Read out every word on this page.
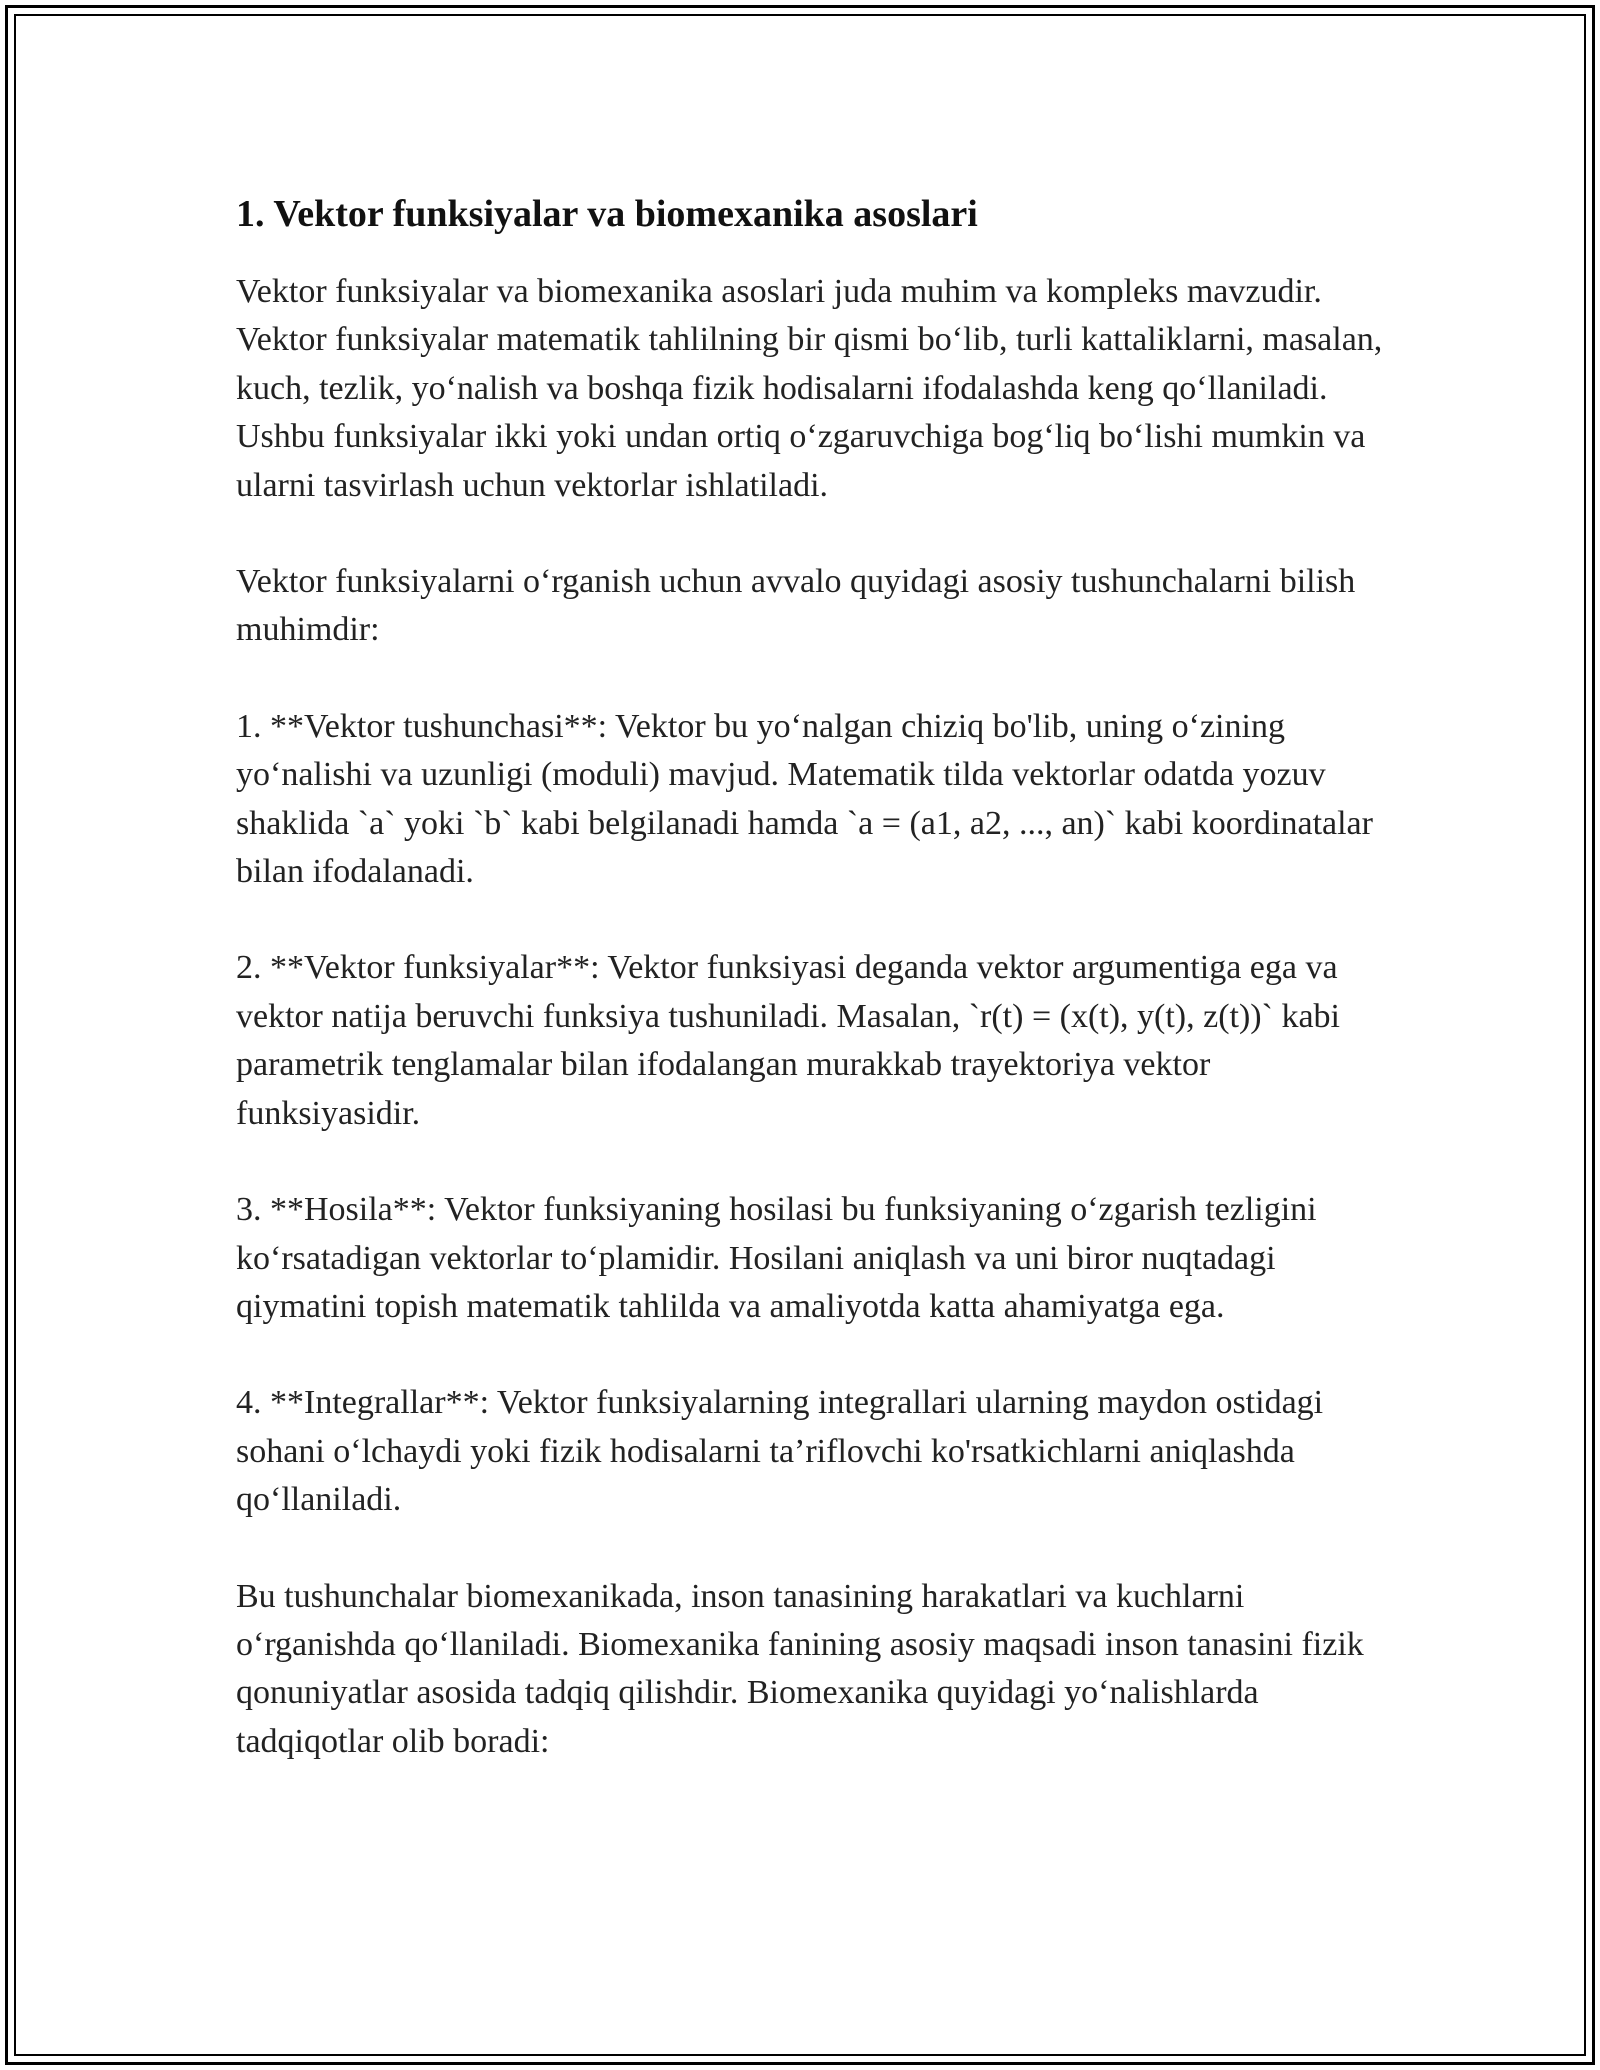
1. Vektor funksiyalar va biomexanika asoslari

Vektor funksiyalar va biomexanika asoslari juda muhim va kompleks mavzudir. Vektor funksiyalar matematik tahlilning bir qismi bo‘lib, turli kattaliklarni, masalan, kuch, tezlik, yo‘nalish va boshqa fizik hodisalarni ifodalashda keng qo‘llaniladi. Ushbu funksiyalar ikki yoki undan ortiq o‘zgaruvchiga bog‘liq bo‘lishi mumkin va ularni tasvirlash uchun vektorlar ishlatiladi.

Vektor funksiyalarni o‘rganish uchun avvalo quyidagi asosiy tushunchalarni bilish muhimdir:

1. **Vektor tushunchasi**: Vektor bu yo‘nalgan chiziq bo'lib, uning o‘zining yo‘nalishi va uzunligi (moduli) mavjud. Matematik tilda vektorlar odatda yozuv shaklida `a` yoki `b` kabi belgilanadi hamda `a = (a1, a2, ..., an)` kabi koordinatalar bilan ifodalanadi.

2. **Vektor funksiyalar**: Vektor funksiyasi deganda vektor argumentiga ega va vektor natija beruvchi funksiya tushuniladi. Masalan, `r(t) = (x(t), y(t), z(t))` kabi parametrik tenglamalar bilan ifodalangan murakkab trayektoriya vektor funksiyasidir.

3. **Hosila**: Vektor funksiyaning hosilasi bu funksiyaning o‘zgarish tezligini ko‘rsatadigan vektorlar to‘plamidir. Hosilani aniqlash va uni biror nuqtadagi qiymatini topish matematik tahlilda va amaliyotda katta ahamiyatga ega.

4. **Integrallar**: Vektor funksiyalarning integrallari ularning maydon ostidagi sohani o‘lchaydi yoki fizik hodisalarni ta’riflovchi ko'rsatkichlarni aniqlashda qo‘llaniladi.

Bu tushunchalar biomexanikada, inson tanasining harakatlari va kuchlarni o‘rganishda qo‘llaniladi. Biomexanika fanining asosiy maqsadi inson tanasini fizik qonuniyatlar asosida tadqiq qilishdir. Biomexanika quyidagi yo‘nalishlarda tadqiqotlar olib boradi:
